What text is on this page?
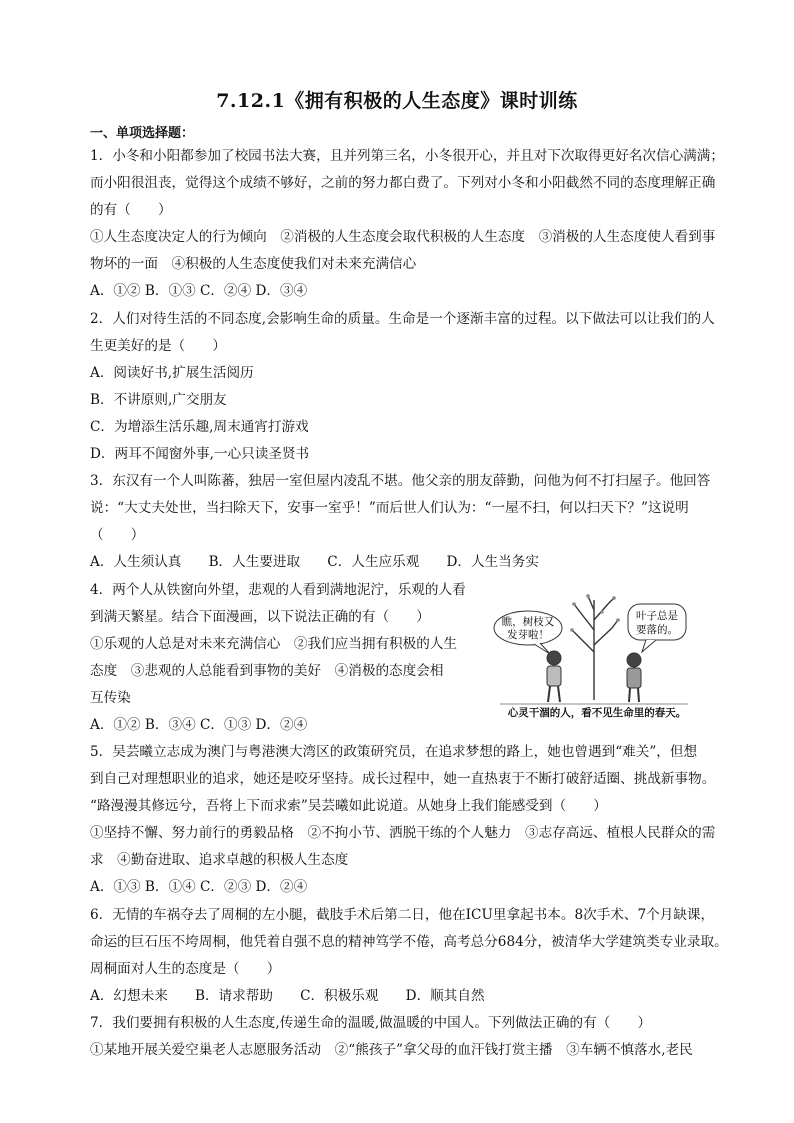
7.12.1《拥有积极的人生态度》课时训练
一、单项选择题：
1．小冬和小阳都参加了校园书法大赛，且并列第三名，小冬很开心，并且对下次取得更好名次信心满满；
而小阳很沮丧，觉得这个成绩不够好，之前的努力都白费了。下列对小冬和小阳截然不同的态度理解正确
的有（　　）
①人生态度决定人的行为倾向　②消极的人生态度会取代积极的人生态度　③消极的人生态度使人看到事
物坏的一面　④积极的人生态度使我们对未来充满信心
A．①② B．①③ C．②④ D．③④
2．人们对待生活的不同态度,会影响生命的质量。生命是一个逐渐丰富的过程。以下做法可以让我们的人
生更美好的是（　　）
A．阅读好书,扩展生活阅历
B．不讲原则,广交朋友
C．为增添生活乐趣,周末通宵打游戏
D．两耳不闻窗外事,一心只读圣贤书
3．东汉有一个人叫陈蕃，独居一室但屋内凌乱不堪。他父亲的朋友薛勤，问他为何不打扫屋子。他回答
说：“大丈夫处世，当扫除天下，安事一室乎！”而后世人们认为：“一屋不扫，何以扫天下？”这说明
（　　）
A．人生须认真　　B．人生要进取　　C．人生应乐观　　D．人生当务实
4．两个人从铁窗向外望，悲观的人看到满地泥泞，乐观的人看
到满天繁星。结合下面漫画，以下说法正确的有（　　）
①乐观的人总是对未来充满信心　②我们应当拥有积极的人生
态度　③悲观的人总能看到事物的美好　④消极的态度会相
互传染
A．①② B．③④ C．①③ D．②④
5．吴芸曦立志成为澳门与粤港澳大湾区的政策研究员，在追求梦想的路上，她也曾遇到“难关”，但想
到自己对理想职业的追求，她还是咬牙坚持。成长过程中，她一直热衷于不断打破舒适圈、挑战新事物。
“路漫漫其修远兮，吾将上下而求索”吴芸曦如此说道。从她身上我们能感受到（　　）
①坚持不懈、努力前行的勇毅品格　②不拘小节、洒脱干练的个人魅力　③志存高远、植根人民群众的需
求　④勤奋进取、追求卓越的积极人生态度
A．①③ B．①④ C．②③ D．②④
6．无情的车祸夺去了周桐的左小腿，截肢手术后第二日，他在ICU里拿起书本。8次手术、7个月缺课，
命运的巨石压不垮周桐，他凭着自强不息的精神笃学不倦，高考总分684分，被清华大学建筑类专业录取。
周桐面对人生的态度是（　　）
A．幻想未来　　B．请求帮助　　C．积极乐观　　D．顺其自然
7．我们要拥有积极的人生态度,传递生命的温暖,做温暖的中国人。下列做法正确的有（　　）
①某地开展关爱空巢老人志愿服务活动　②“熊孩子”拿父母的血汗钱打赏主播　③车辆不慎落水,老民
瞧，树枝又
发芽啦！
叶子总是
要落的。
心灵干涸的人，看不见生命里的春天。
